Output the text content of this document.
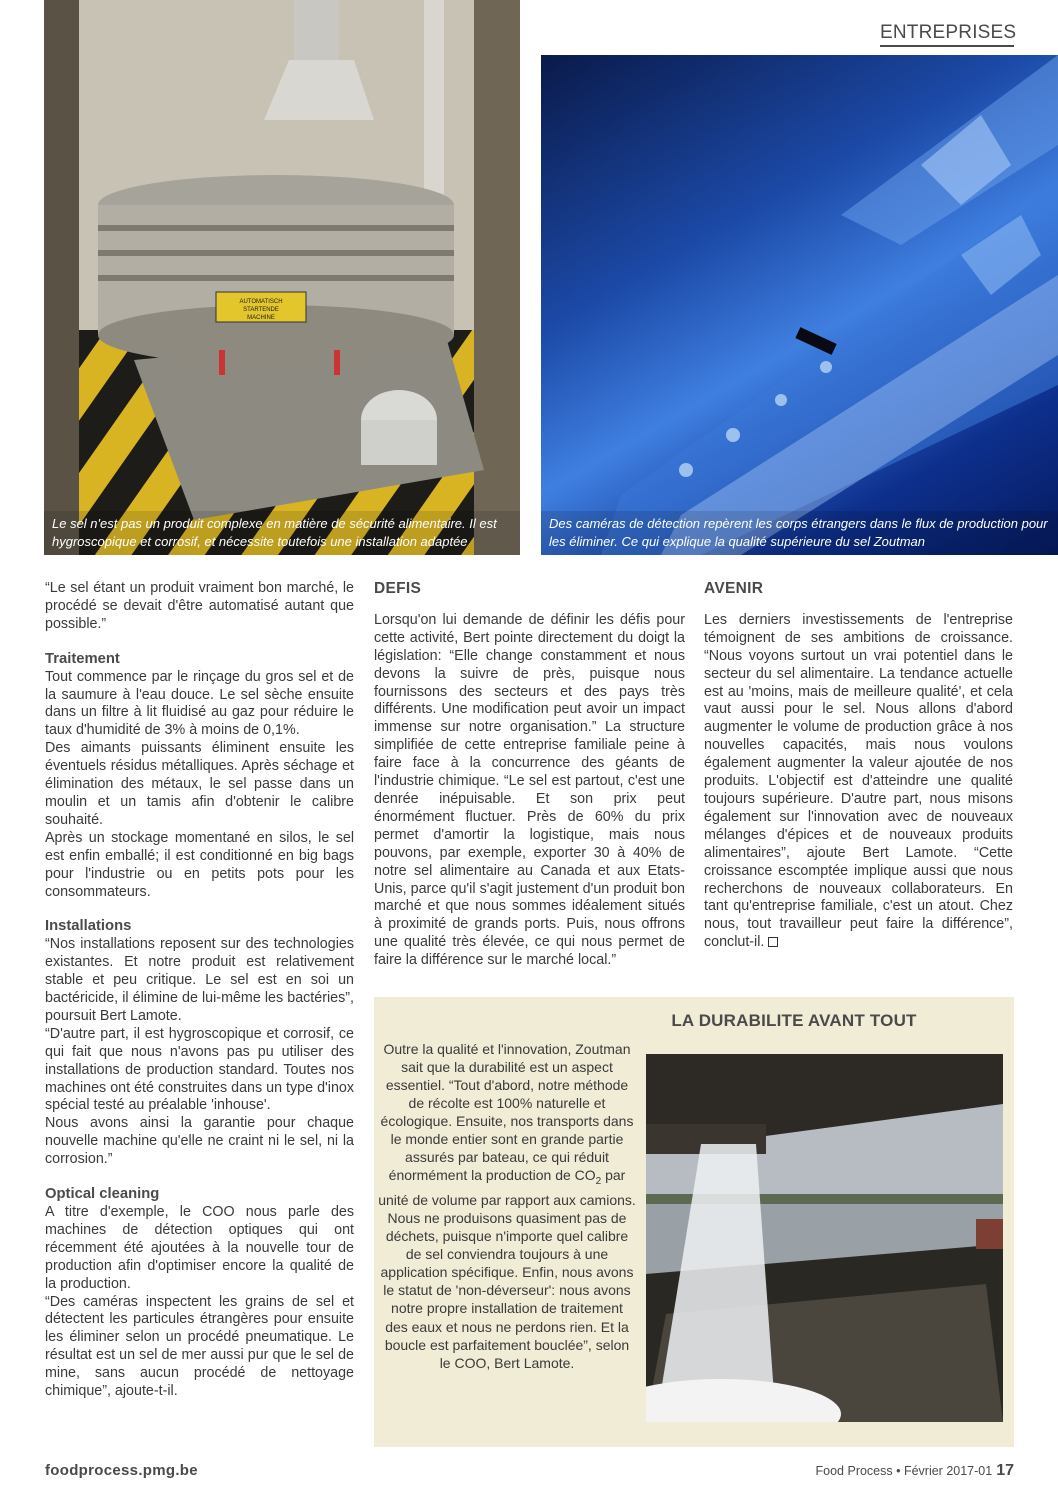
ENTREPRISES
AUTOMATISCH
STARTENDE
MACHINE
Le sel n'est pas un produit complexe en matière de sécurité alimentaire. Il est hygroscopique et corrosif, et nécessite toutefois une installation adaptée
Des caméras de détection repèrent les corps étrangers dans le flux de production pour les éliminer. Ce qui explique la qualité supérieure du sel Zoutman

“Le sel étant un produit vraiment bon marché, le procédé se devait d'être automatisé autant que possible.”

Traitement

Tout commence par le rinçage du gros sel et de la saumure à l'eau douce. Le sel sèche ensuite dans un filtre à lit fluidisé au gaz pour réduire le taux d'humidité de 3% à moins de 0,1%.

Des aimants puissants éliminent ensuite les éventuels résidus métalliques. Après séchage et élimination des métaux, le sel passe dans un moulin et un tamis afin d'obtenir le calibre souhaité.

Après un stockage momentané en silos, le sel est enfin emballé; il est conditionné en big bags pour l'industrie ou en petits pots pour les consommateurs.

Installations

“Nos installations reposent sur des technologies existantes. Et notre produit est relativement stable et peu critique. Le sel est en soi un bactéricide, il élimine de lui-même les bactéries”, poursuit Bert Lamote.

“D'autre part, il est hygroscopique et corrosif, ce qui fait que nous n'avons pas pu utiliser des installations de production standard. Toutes nos machines ont été construites dans un type d'inox spécial testé au préalable 'inhouse'.

Nous avons ainsi la garantie pour chaque nouvelle machine qu'elle ne craint ni le sel, ni la corrosion.”

Optical cleaning

A titre d'exemple, le COO nous parle des machines de détection optiques qui ont récemment été ajoutées à la nouvelle tour de production afin d'optimiser encore la qualité de la production.

“Des caméras inspectent les grains de sel et détectent les particules étrangères pour ensuite les éliminer selon un procédé pneumatique. Le résultat est un sel de mer aussi pur que le sel de mine, sans aucun procédé de nettoyage chimique”, ajoute-t-il.

DEFIS

Lorsqu'on lui demande de définir les défis pour cette activité, Bert pointe directement du doigt la législation: “Elle change constamment et nous devons la suivre de près, puisque nous fournissons des secteurs et des pays très différents. Une modification peut avoir un impact immense sur notre organisation.” La structure simplifiée de cette entreprise familiale peine à faire face à la concurrence des géants de l'industrie chimique. “Le sel est partout, c'est une denrée inépuisable. Et son prix peut énormément fluctuer. Près de 60% du prix permet d'amortir la logistique, mais nous pouvons, par exemple, exporter 30 à 40% de notre sel alimentaire au Canada et aux Etats-Unis, parce qu'il s'agit justement d'un produit bon marché et que nous sommes idéalement situés à proximité de grands ports. Puis, nous offrons une qualité très élevée, ce qui nous permet de faire la différence sur le marché local.”

AVENIR

Les derniers investissements de l'entreprise témoignent de ses ambitions de croissance. “Nous voyons surtout un vrai potentiel dans le secteur du sel alimentaire. La tendance actuelle est au 'moins, mais de meilleure qualité', et cela vaut aussi pour le sel. Nous allons d'abord augmenter le volume de production grâce à nos nouvelles capacités, mais nous voulons également augmenter la valeur ajoutée de nos produits. L'objectif est d'atteindre une qualité toujours supérieure. D'autre part, nous misons également sur l'innovation avec de nouveaux mélanges d'épices et de nouveaux produits alimentaires”, ajoute Bert Lamote. “Cette croissance escomptée implique aussi que nous recherchons de nouveaux collaborateurs. En tant qu'entreprise familiale, c'est un atout. Chez nous, tout travailleur peut faire la différence”, conclut-il.

LA DURABILITE AVANT TOUT
Outre la qualité et l'innovation, Zoutman sait que la durabilité est un aspect essentiel. “Tout d'abord, notre méthode de récolte est 100% naturelle et écologique. Ensuite, nos transports dans le monde entier sont en grande partie assurés par bateau, ce qui réduit énormément la production de $CO_2$ par unité de volume par rapport aux camions. Nous ne produisons quasiment pas de déchets, puisque n'importe quel calibre de sel conviendra toujours à une application spécifique. Enfin, nous avons le statut de 'non-déverseur': nous avons notre propre installation de traitement des eaux et nous ne perdons rien. Et la boucle est parfaitement bouclée”, selon le COO, Bert Lamote.
foodprocess.pmg.be	Food Process • Février 2017-01 17
